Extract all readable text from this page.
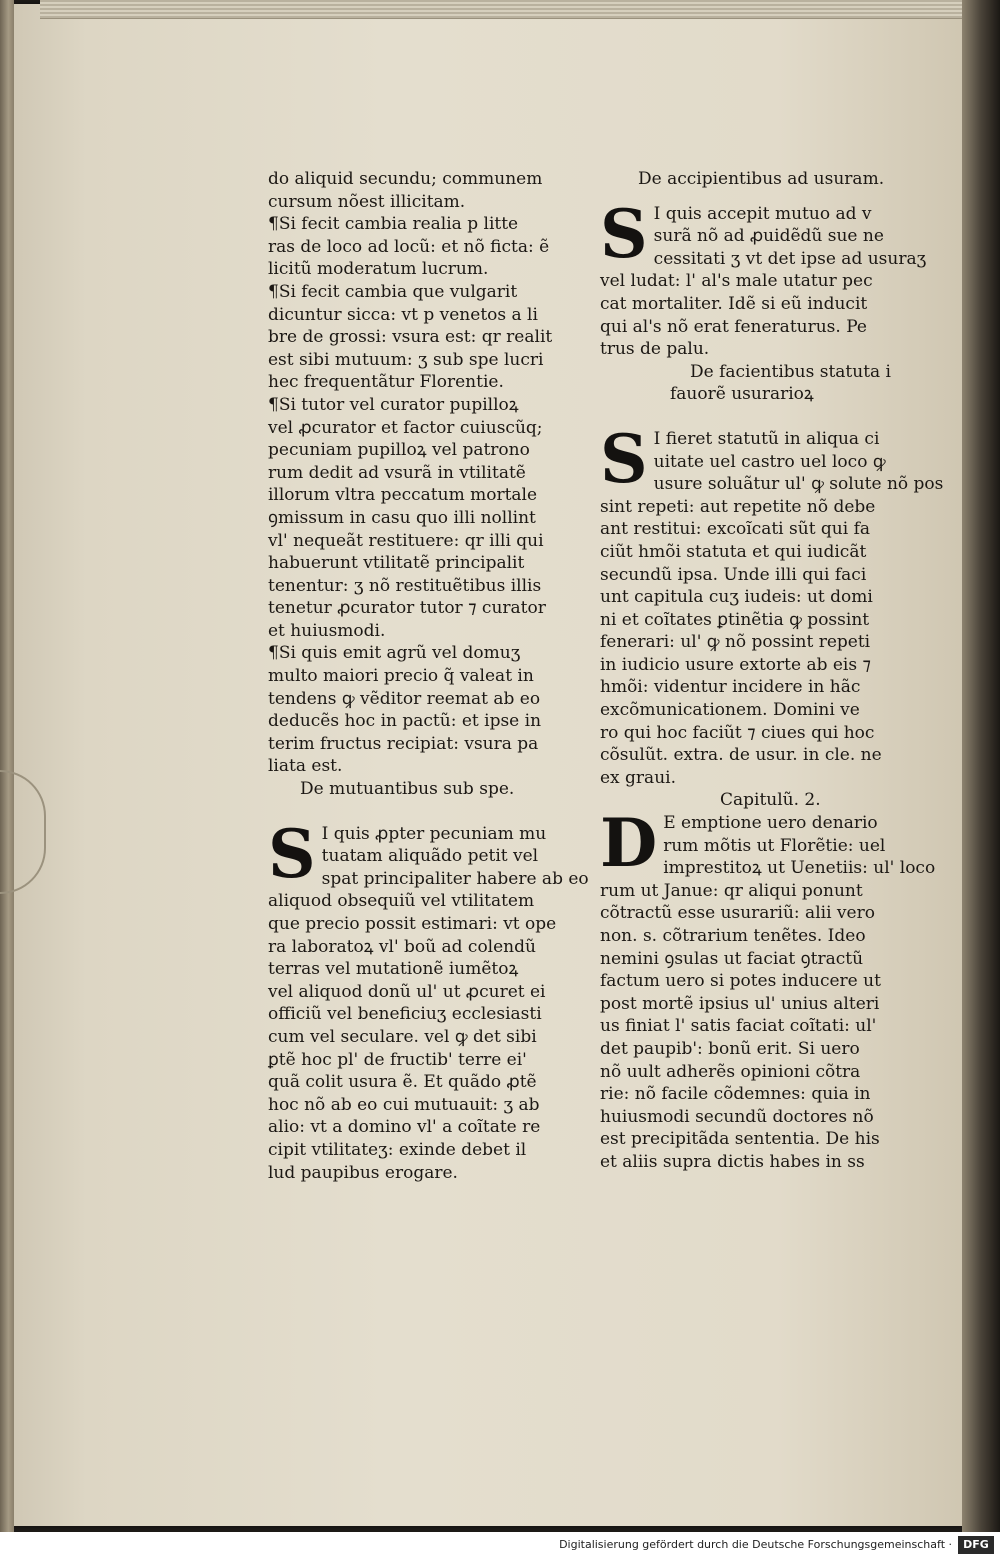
do aliquid secundu; communem
cursum nõest illicitam.
¶Si fecit cambia realia p litte
ras de loco ad locũ: et nõ ficta: ẽ
licitũ moderatum lucrum.
¶Si fecit cambia que vulgarit
dicuntur sicca: vt p venetos a li
bre de grossi: vsura est: qr realit
est sibi mutuum: ʒ sub spe lucri
hec frequentãtur Florentie.
¶Si tutor vel curator pupilloꝝ
vel ꝓcurator et factor cuiuscũq;
pecuniam pupilloꝝ vel patrono
rum dedit ad vsurã in vtilitatẽ
illorum vltra peccatum mortale
ꝯmissum in casu quo illi nollint
vl' nequeãt restituere: qr illi qui
habuerunt vtilitatẽ principalit
tenentur: ʒ nõ restituẽtibus illis
tenetur ꝓcurator tutor ⁊ curator
et huiusmodi.
¶Si quis emit agrũ vel domuʒ
multo maiori precio q̃ valeat in
tendens ꝙ vẽditor reemat ab eo
deducẽs hoc in pactũ: et ipse in
terim fructus recipiat: vsura pa
liata est.
De mutuantibus sub spe.
S I quis ꝓpter pecuniam mu
tuatam aliquãdo petit vel
spat principaliter habere ab eo
aliquod obsequiũ vel vtilitatem
que precio possit estimari: vt ope
ra laboratoꝝ vl' boũ ad colendũ
terras vel mutationẽ iumẽtoꝝ
vel aliquod donũ ul' ut ꝓcuret ei
officiũ vel beneficiuʒ ecclesiasti
cum vel seculare. vel ꝙ det sibi
ꝑtẽ hoc pl' de fructib' terre ei'
quã colit usura ẽ. Et quãdo ꝓtẽ
hoc nõ ab eo cui mutuauit: ʒ ab
alio: vt a domino vl' a coĩtate re
cipit vtilitateʒ: exinde debet il
lud paupibus erogare.
De accipientibus ad usuram.
S I quis accepit mutuo ad v
surã nõ ad ꝓuidẽdũ sue ne
cessitati ʒ vt det ipse ad usuraʒ
vel ludat: l' al's male utatur pec
cat mortaliter. Idẽ si eũ inducit
qui al's nõ erat feneraturus. Pe
trus de palu.
De facientibus statuta i
fauorẽ usurarioꝝ
S I fieret statutũ in aliqua ci
uitate uel castro uel loco ꝙ
usure soluãtur ul' ꝙ solute nõ pos
sint repeti: aut repetite nõ debe
ant restitui: excoĩcati sũt qui fa
ciũt hmõi statuta et qui iudicãt
secundũ ipsa. Unde illi qui faci
unt capitula cuʒ iudeis: ut domi
ni et coĩtates ꝑtinẽtia ꝙ possint
fenerari: ul' ꝙ nõ possint repeti
in iudicio usure extorte ab eis ⁊
hmõi: videntur incidere in hãc
excõmunicationem. Domini ve
ro qui hoc faciũt ⁊ ciues qui hoc
cõsulũt. extra. de usur. in cle. ne
ex graui.
Capitulũ. 2.
D E emptione uero denario
rum mõtis ut Florẽtie: uel
imprestitoꝝ ut Uenetiis: ul' loco
rum ut Janue: qr aliqui ponunt
cõtractũ esse usurariũ: alii vero
non. s. cõtrarium tenẽtes. Ideo
nemini ꝯsulas ut faciat ꝯtractũ
factum uero si potes inducere ut
post mortẽ ipsius ul' unius alteri
us finiat l' satis faciat coĩtati: ul'
det paupib': bonũ erit. Si uero
nõ uult adherẽs opinioni cõtra
rie: nõ facile cõdemnes: quia in
huiusmodi secundũ doctores nõ
est precipitãda sententia. De his
et aliis supra dictis habes in ss
Digitalisierung gefördert durch die Deutsche Forschungsgemeinschaft ·	DFG
